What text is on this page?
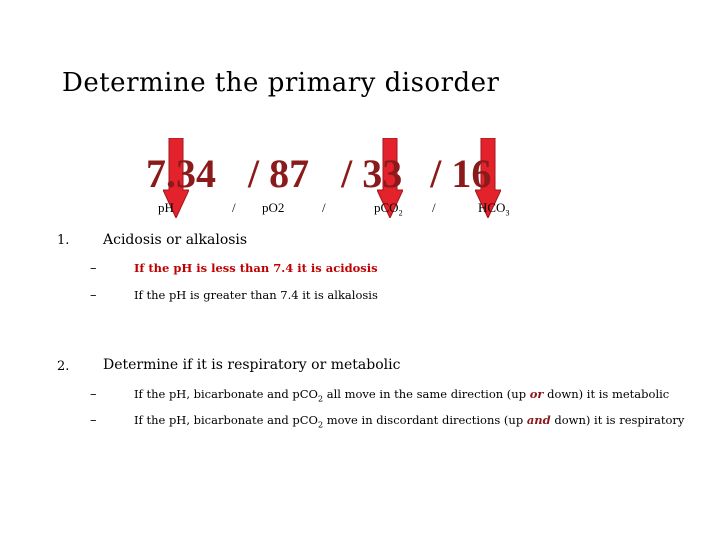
Determine the primary disorder
7.34 / 87 / 33 / 16
pH	/ pO2	/	pCO$_2$ /	$HCO_3$
1. Acidosis or alkalosis
–	If the pH is less than 7.4 it is acidosis
–	If the pH is greater than 7.4 it is alkalosis
2. Determine if it is respiratory or metabolic
–	If the pH, bicarbonate and pCO$_2$ all move in the same direction (up or down) it is metabolic
–	If the pH, bicarbonate and pCO$_2$ move in discordant directions (up and down) it is respiratory
